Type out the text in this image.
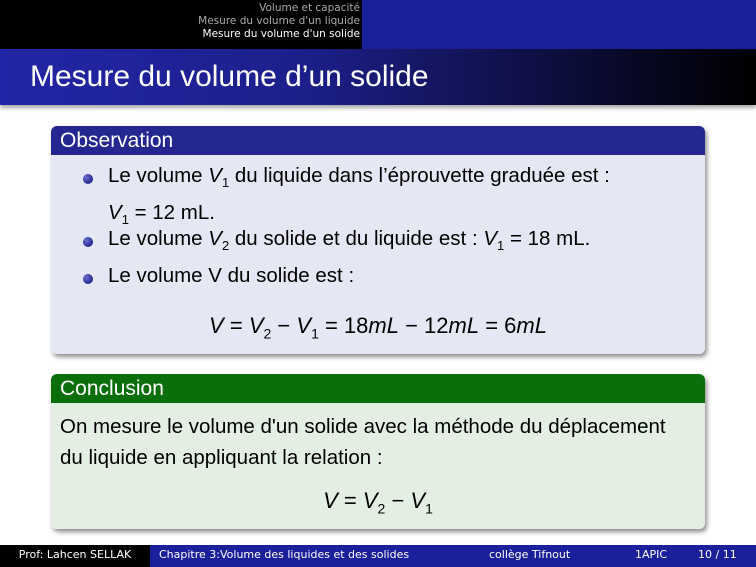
Volume et capacité
Mesure du volume d'un liquide
Mesure du volume d'un solide
Mesure du volume d’un solide
Observation
Le volume $V_1$ du liquide dans l’éprouvette graduée est :
$V_1 = 12$ mL.
Le volume $V_2$ du solide et du liquide est : $V_1 = 18$ mL.
Le volume V du solide est :
$V = V_2 - V_1 = 18mL - 12mL = 6mL$
Conclusion
On mesure le volume d'un solide avec la méthode du déplacement du liquide en appliquant la relation :
$V = V_2 - V_1$
Prof: Lahcen SELLAK	Chapitre 3:Volume des liquides et des solides	collège Tifnout	1APIC	10 / 11
